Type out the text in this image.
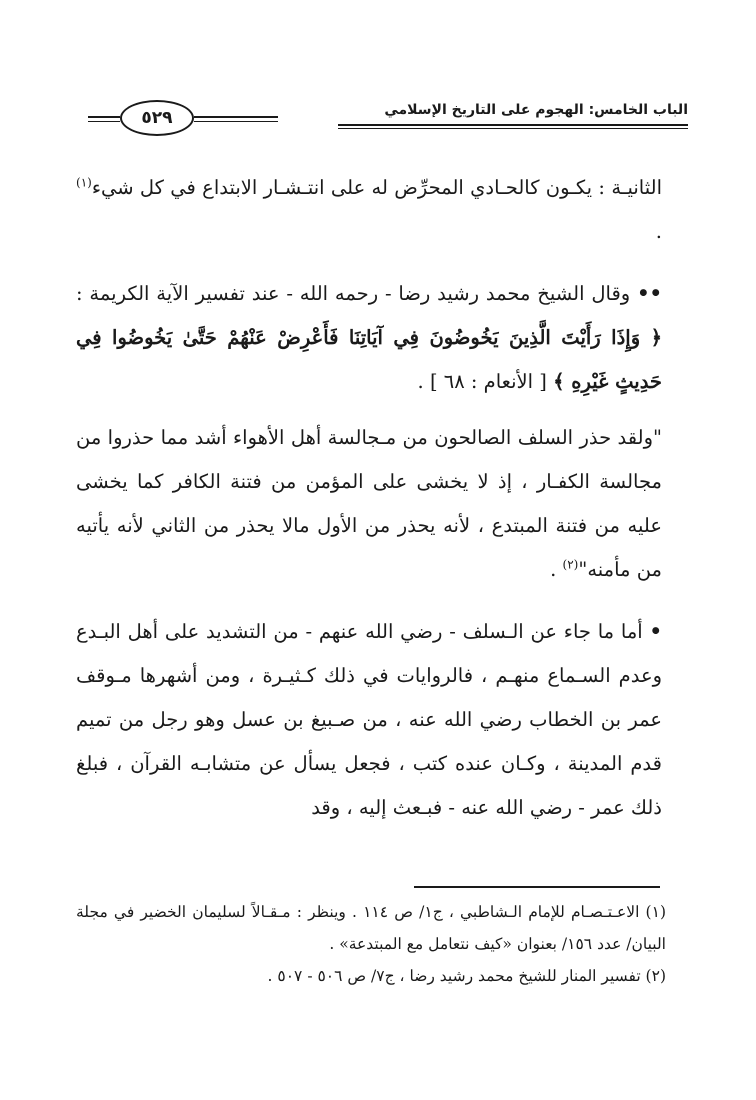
٥٢٩	الباب الخامس: الهجوم على التاريخ الإسلامي

الثانيـة : يكـون كالحـادي المحرِّض له على انتـشـار الابتداع في كل شيء$^{(١)}$ .

•• وقال الشيخ محمد رشيد رضا - رحمه الله - عند تفسير الآية الكريمة : ﴿ وَإِذَا رَأَيْتَ الَّذِينَ يَخُوضُونَ فِي آيَاتِنَا فَأَعْرِضْ عَنْهُمْ حَتَّىٰ يَخُوضُوا فِي حَدِيثٍ غَيْرِهِ ﴾ [ الأنعام : ٦٨ ] .

"ولقد حذر السلف الصالحون من مـجالسة أهل الأهواء أشد مما حذروا من مجالسة الكفـار ، إذ لا يخشى على المؤمن من فتنة الكافر كما يخشى عليه من فتنة المبتدع ، لأنه يحذر من الأول مالا يحذر من الثاني لأنه يأتيه من مأمنه"$^{(٢)}$ .

• أما ما جاء عن الـسلف - رضي الله عنهم - من التشديد على أهل البـدع وعدم السـماع منهـم ، فالروايات في ذلك كـثيـرة ، ومن أشهرها مـوقف عمر بن الخطاب رضي الله عنه ، من صـبيغ بن عسل وهو رجل من تميم قدم المدينة ، وكـان عنده كتب ، فجعل يسأل عن متشابـه القرآن ، فبلغ ذلك عمر - رضي الله عنه - فبـعث إليه ، وقد

(١) الاعـتـصـام للإمام الـشاطبي ، ج١/ ص ١١٤ . وينظر : مـقـالاً لسليمان الخضير في مجلة البيان/ عدد ١٥٦/ بعنوان «كيف نتعامل مع المبتدعة» .

(٢) تفسير المنار للشيخ محمد رشيد رضا ، ج٧/ ص ٥٠٦ - ٥٠٧ .
